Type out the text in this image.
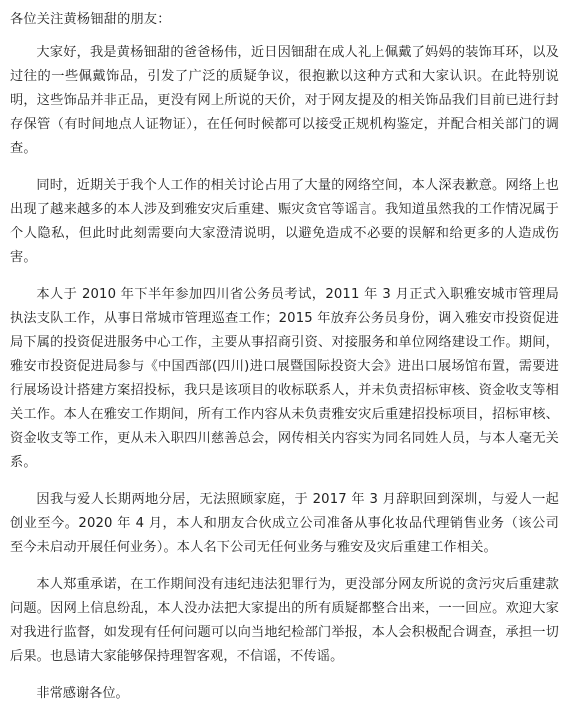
各位关注黄杨钿甜的朋友：

大家好，我是黄杨钿甜的爸爸杨伟，近日因钿甜在成人礼上佩戴了妈妈的装饰耳环，以及过往的一些佩戴饰品，引发了广泛的质疑争议，很抱歉以这种方式和大家认识。在此特别说明，这些饰品并非正品，更没有网上所说的天价，对于网友提及的相关饰品我们目前已进行封存保管（有时间地点人证物证），在任何时候都可以接受正规机构鉴定，并配合相关部门的调查。

同时，近期关于我个人工作的相关讨论占用了大量的网络空间，本人深表歉意。网络上也出现了越来越多的本人涉及到雅安灾后重建、赈灾贪官等谣言。我知道虽然我的工作情况属于个人隐私，但此时此刻需要向大家澄清说明，以避免造成不必要的误解和给更多的人造成伤害。

本人于 2010 年下半年参加四川省公务员考试，2011 年 3 月正式入职雅安城市管理局执法支队工作，从事日常城市管理巡查工作；2015 年放弃公务员身份，调入雅安市投资促进局下属的投资促进服务中心工作，主要从事招商引资、对接服务和单位网络建设工作。期间，雅安市投资促进局参与《中国西部(四川)进口展暨国际投资大会》进出口展场馆布置，需要进行展场设计搭建方案招投标，我只是该项目的收标联系人，并未负责招标审核、资金收支等相关工作。本人在雅安工作期间，所有工作内容从未负责雅安灾后重建招投标项目，招标审核、资金收支等工作，更从未入职四川慈善总会，网传相关内容实为同名同姓人员，与本人毫无关系。

因我与爱人长期两地分居，无法照顾家庭，于 2017 年 3 月辞职回到深圳，与爱人一起创业至今。2020 年 4 月，本人和朋友合伙成立公司准备从事化妆品代理销售业务（该公司至今未启动开展任何业务）。本人名下公司无任何业务与雅安及灾后重建工作相关。

本人郑重承诺，在工作期间没有违纪违法犯罪行为，更没部分网友所说的贪污灾后重建款问题。因网上信息纷乱，本人没办法把大家提出的所有质疑都整合出来，一一回应。欢迎大家对我进行监督，如发现有任何问题可以向当地纪检部门举报，本人会积极配合调查，承担一切后果。也恳请大家能够保持理智客观，不信谣，不传谣。

非常感谢各位。
